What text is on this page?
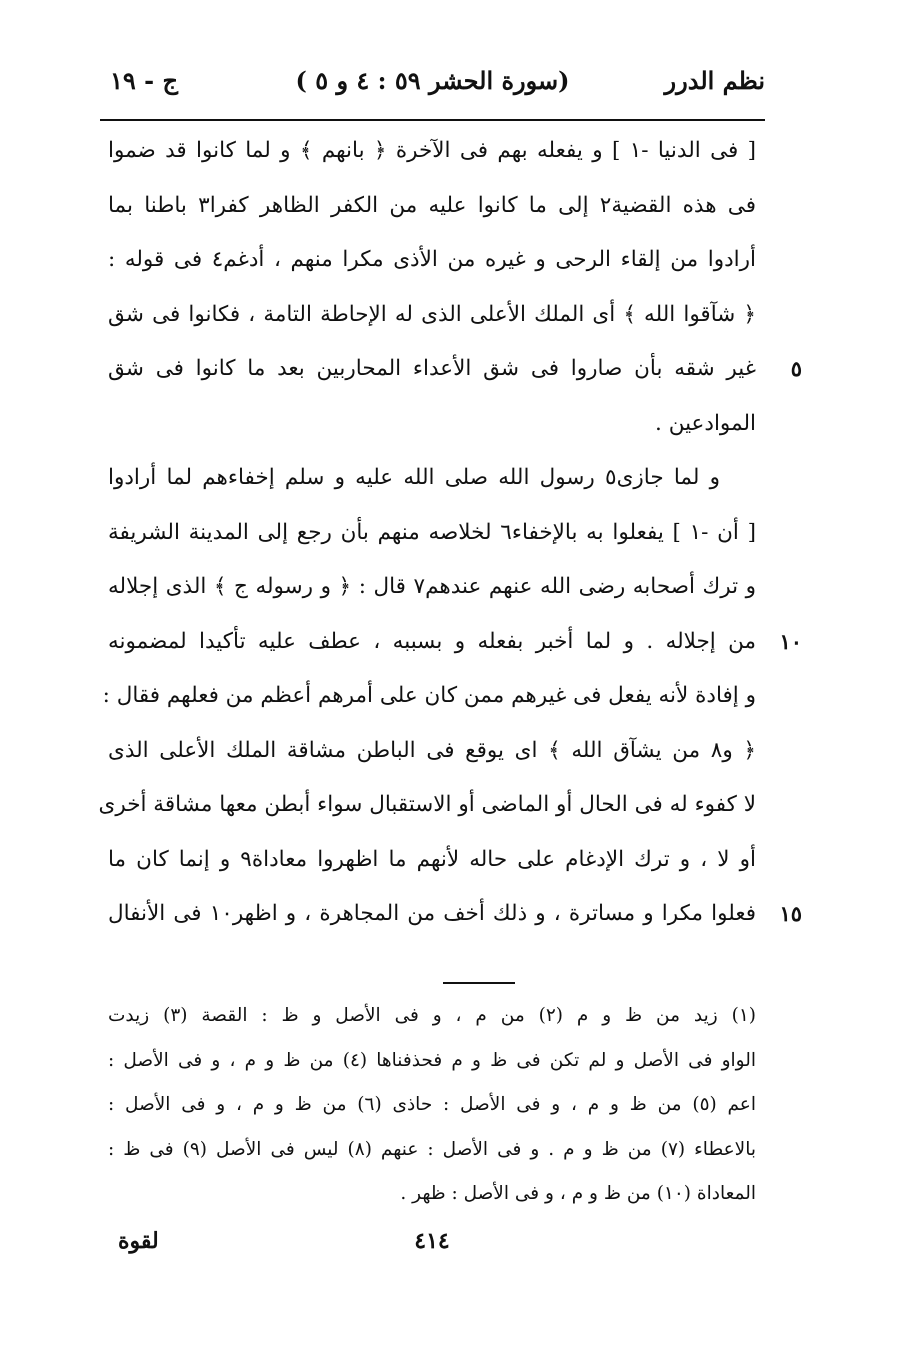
نظم الدرر
(سورة الحشر ٥٩ : ٤ و ٥ )
ج - ١٩
[ فى الدنيا -١ ] و يفعله بهم فى الآخرة ﴿ بانهم ﴾ و لما كانوا قد ضموا
فى هذه القضية٢ إلى ما كانوا عليه من الكفر الظاهر كفرا٣ باطنا بما
أرادوا من إلقاء الرحى و غيره من الأذى مكرا منهم ، أدغم٤ فى قوله :
﴿ شآقوا الله ﴾ أى الملك الأعلى الذى له الإحاطة التامة ، فكانوا فى شق
٥
غير شقه بأن صاروا فى شق الأعداء المحاربين بعد ما كانوا فى شق
الموادعين .
و لما جازى٥ رسول الله صلى الله عليه و سلم إخفاءهم لما أرادوا
[ أن -١ ] يفعلوا به بالإخفاء٦ لخلاصه منهم بأن رجع إلى المدينة الشريفة
و ترك أصحابه رضى الله عنهم عندهم٧ قال : ﴿ و رسوله ج ﴾ الذى إجلاله
١٠
من إجلاله . و لما أخبر بفعله و بسببه ، عطف عليه تأكيدا لمضمونه
و إفادة لأنه يفعل فى غيرهم ممن كان على أمرهم أعظم من فعلهم فقال :
﴿ و٨ من يشآق الله ﴾ اى يوقع فى الباطن مشاقة الملك الأعلى الذى
لا كفوء له فى الحال أو الماضى أو الاستقبال سواء أبطن معها مشاقة أخرى
أو لا ، و ترك الإدغام على حاله لأنهم ما اظهروا معاداة٩ و إنما كان ما
١٥
فعلوا مكرا و مساترة ، و ذلك أخف من المجاهرة ، و اظهر١٠ فى الأنفال
(١) زيد من ظ و م (٢) من م ، و فى الأصل و ظ : القصة (٣) زيدت
الواو فى الأصل و لم تكن فى ظ و م فحذفناها (٤) من ظ و م ، و فى الأصل :
اعم (٥) من ظ و م ، و فى الأصل : حاذى (٦) من ظ و م ، و فى الأصل :
بالاعطاء (٧) من ظ و م . و فى الأصل : عنهم (٨) ليس فى الأصل (٩) فى ظ :
المعاداة (١٠) من ظ و م ، و فى الأصل : ظهر .
٤١٤
لقوة
